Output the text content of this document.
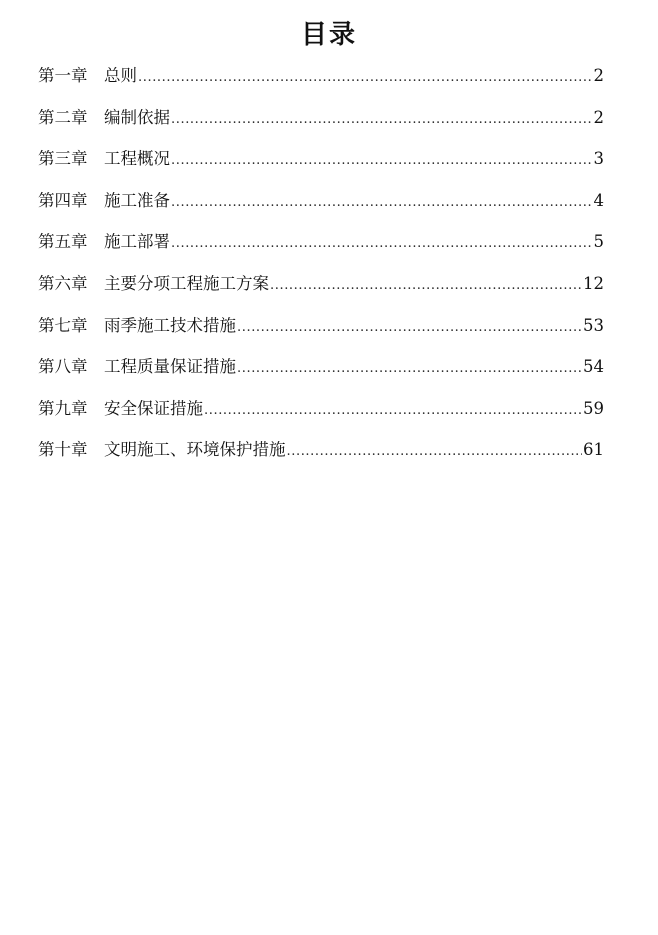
目录
第一章	总则 .....	2
第二章	编制依据 .....	2
第三章	工程概况 .....	3
第四章	施工准备 .....	4
第五章	施工部署 .....	5
第六章	主要分项工程施工方案 .....	12
第七章	雨季施工技术措施 .....	53
第八章	工程质量保证措施 .....	54
第九章	安全保证措施 .....	59
第十章	文明施工、环境保护措施 .....	61
